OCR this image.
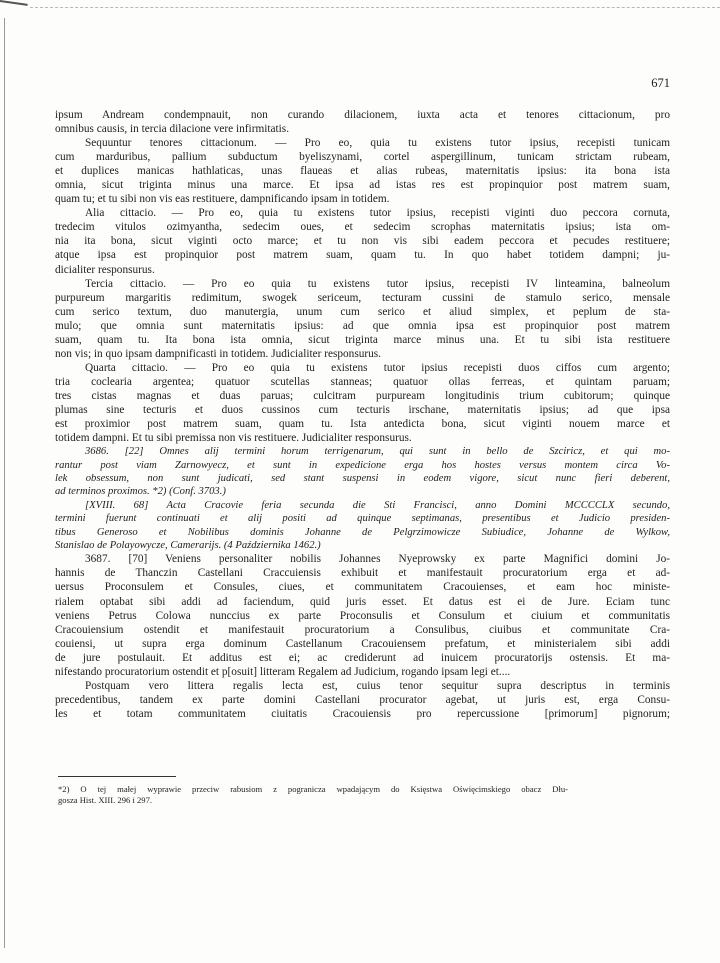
671
ipsum Andream condempnauit, non curando dilacionem, iuxta acta et tenores cittacionum, pro
omnibus causis, in tercia dilacione vere infirmitatis.
Sequuntur tenores cittacionum. — Pro eo, quia tu existens tutor ipsius, recepisti tunicam
cum marduribus, pallium subductum byeliszynami, cortel aspergillinum, tunicam strictam rubeam,
et duplices manicas hathlaticas, unas flaueas et alias rubeas, maternitatis ipsius: ita bona ista
omnia, sicut triginta minus una marce. Et ipsa ad istas res est propinquior post matrem suam,
quam tu; et tu sibi non vis eas restituere, dampnificando ipsam in totidem.
Alia cittacio. — Pro eo, quia tu existens tutor ipsius, recepisti viginti duo peccora cornuta,
tredecim vitulos ozimyantha, sedecim oues, et sedecim scrophas maternitatis ipsius; ista om-
nia ita bona, sicut viginti octo marce; et tu non vis sibi eadem peccora et pecudes restituere;
atque ipsa est propinquior post matrem suam, quam tu. In quo habet totidem dampni; ju-
dicialiter responsurus.
Tercia cittacio. — Pro eo quia tu existens tutor ipsius, recepisti IV linteamina, balneolum
purpureum margaritis redimitum, swogek sericeum, tecturam cussini de stamulo serico, mensale
cum serico textum, duo manutergia, unum cum serico et aliud simplex, et peplum de sta-
mulo; que omnia sunt maternitatis ipsius: ad que omnia ipsa est propinquior post matrem
suam, quam tu. Ita bona ista omnia, sicut triginta marce minus una. Et tu sibi ista restituere
non vis; in quo ipsam dampnificasti in totidem. Judicialiter responsurus.
Quarta cittacio. — Pro eo quia tu existens tutor ipsius recepisti duos ciffos cum argento;
tria coclearia argentea; quatuor scutellas stanneas; quatuor ollas ferreas, et quintam paruam;
tres cistas magnas et duas paruas; culcitram purpuream longitudinis trium cubitorum; quinque
plumas sine tecturis et duos cussinos cum tecturis irschane, maternitatis ipsius; ad que ipsa
est proximior post matrem suam, quam tu. Ista antedicta bona, sicut viginti nouem marce et
totidem dampni. Et tu sibi premissa non vis restituere. Judicialiter responsurus.
3686. [22] Omnes alij termini horum terrigenarum, qui sunt in bello de Szciricz, et qui mo-
rantur post viam Zarnowyecz, et sunt in expedicione erga hos hostes versus montem circa Vo-
lek obsessum, non sunt judicati, sed stant suspensi in eodem vigore, sicut nunc fieri deberent,
ad terminos proximos. *2) (Conf. 3703.)
[XVIII. 68] Acta Cracovie feria secunda die Sti Francisci, anno Domini MCCCCLX secundo,
termini fuerunt continuati et alij positi ad quinque septimanas, presentibus et Judicio presiden-
tibus Generoso et Nobilibus dominis Johanne de Pelgrzimowicze Subiudice, Johanne de Wylkow,
Stanislao de Polayowycze, Camerarijs. (4 Października 1462.)
3687. [70] Veniens personaliter nobilis Johannes Nyeprowsky ex parte Magnifici domini Jo-
hannis de Thanczin Castellani Craccuiensis exhibuit et manifestauit procuratorium erga et ad-
uersus Proconsulem et Consules, ciues, et communitatem Cracouienses, et eam hoc ministe-
rialem optabat sibi addi ad faciendum, quid juris esset. Et datus est ei de Jure. Eciam tunc
veniens Petrus Colowa nunccius ex parte Proconsulis et Consulum et ciuium et communitatis
Cracouiensium ostendit et manifestauit procuratorium a Consulibus, ciuibus et communitate Cra-
couiensi, ut supra erga dominum Castellanum Cracouiensem prefatum, et ministerialem sibi addi
de jure postulauit. Et additus est ei; ac crediderunt ad inuicem procuratorijs ostensis. Et ma-
nifestando procuratorium ostendit et p[osuit] litteram Regalem ad Judicium, rogando ipsam legi et....
Postquam vero littera regalis lecta est, cuius tenor sequitur supra descriptus in terminis
precedentibus, tandem ex parte domini Castellani procurator agebat, ut juris est, erga Consu-
les et totam communitatem ciuitatis Cracouiensis pro repercussione [primorum] pignorum;
*2) O tej małej wyprawie przeciw rabusiom z pogranicza wpadającym do Księstwa Oświęcimskiego obacz Dłu-
gosza Hist. XIII. 296 i 297.
